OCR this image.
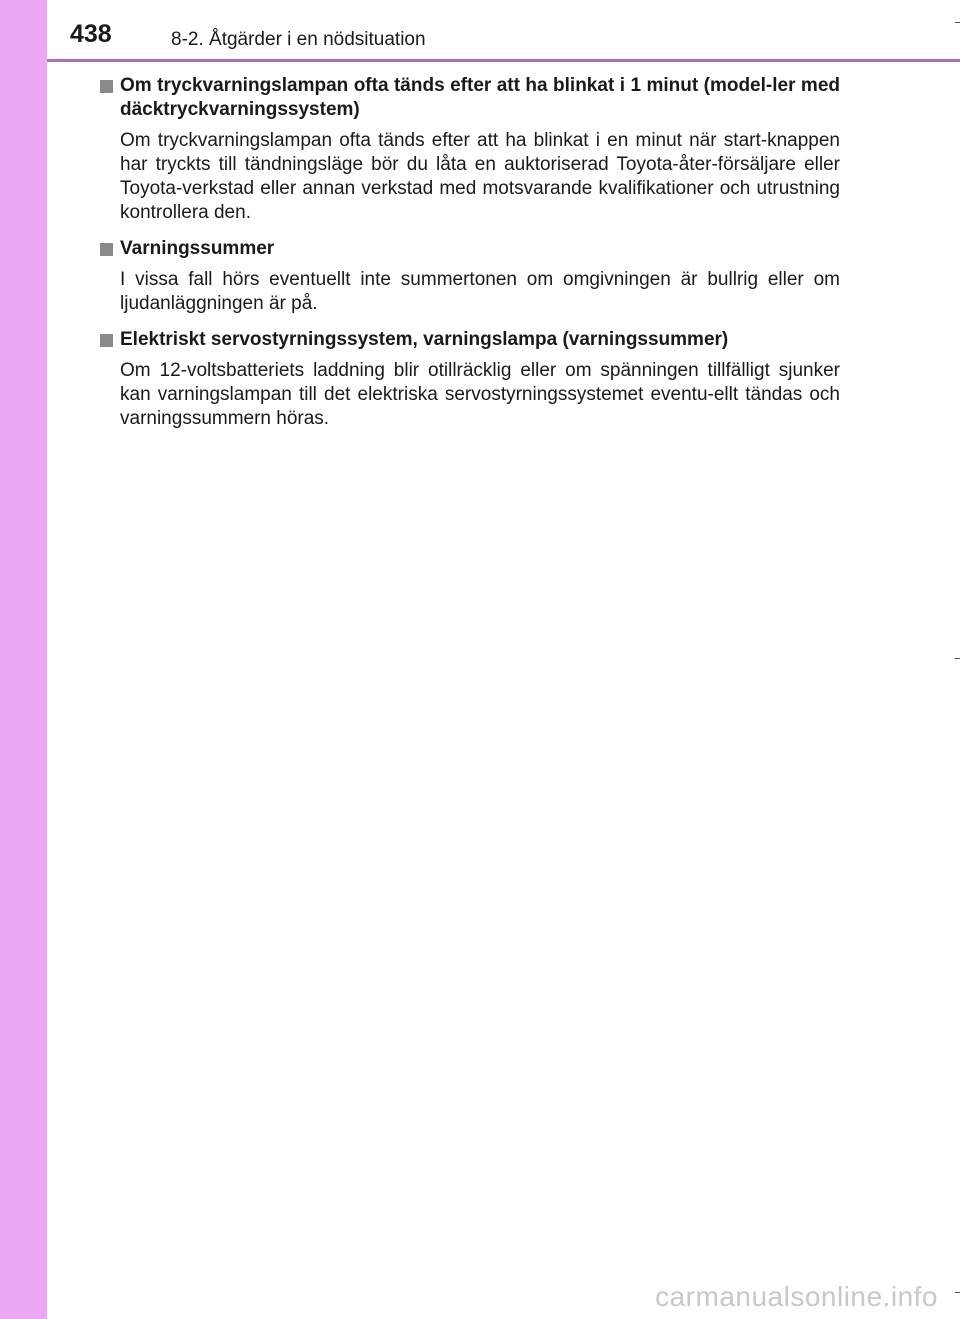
438	8-2. Åtgärder i en nödsituation
Om tryckvarningslampan ofta tänds efter att ha blinkat i 1 minut (model-ler med däcktryckvarningssystem)
Om tryckvarningslampan ofta tänds efter att ha blinkat i en minut när start-knappen har tryckts till tändningsläge bör du låta en auktoriserad Toyota-åter-försäljare eller Toyota-verkstad eller annan verkstad med motsvarande kvalifikationer och utrustning kontrollera den.
Varningssummer
I vissa fall hörs eventuellt inte summertonen om omgivningen är bullrig eller om ljudanläggningen är på.
Elektriskt servostyrningssystem, varningslampa (varningssummer)
Om 12-voltsbatteriets laddning blir otillräcklig eller om spänningen tillfälligt sjunker kan varningslampan till det elektriska servostyrningssystemet eventu-ellt tändas och varningssummern höras.
carmanualsonline.info
